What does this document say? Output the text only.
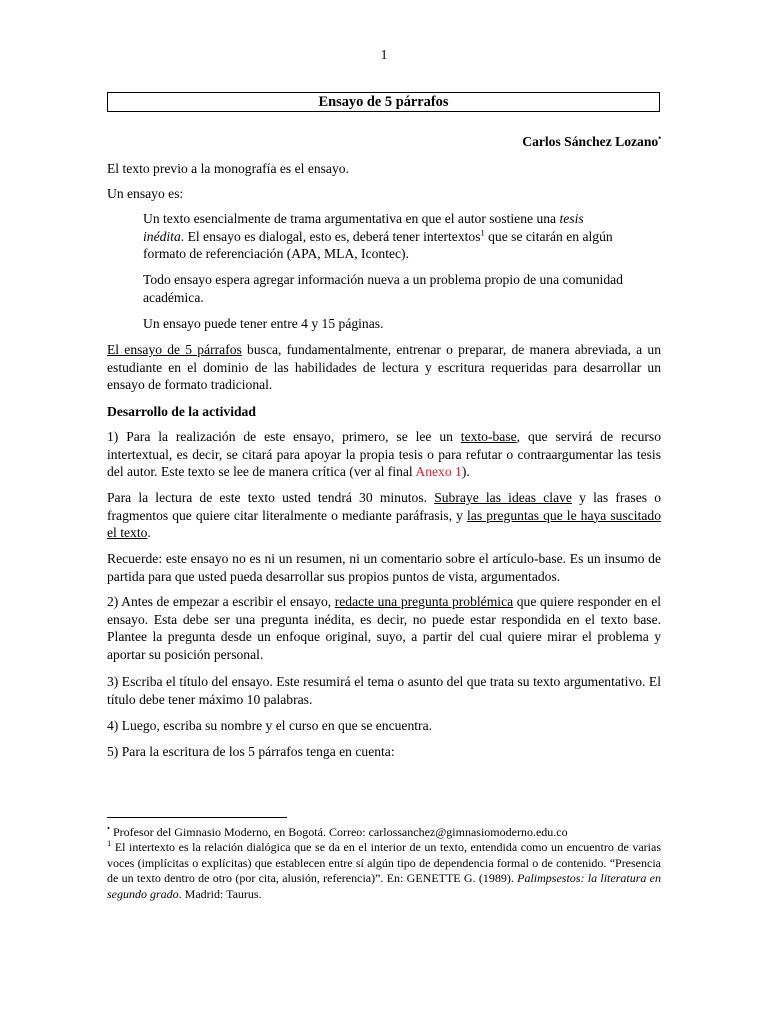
1
Ensayo de 5 párrafos
Carlos Sánchez Lozano•

El texto previo a la monografía es el ensayo.

Un ensayo es:

Un texto esencialmente de trama argumentativa en que el autor sostiene una tesis inédita. El ensayo es dialogal, esto es, deberá tener intertextos$^1$ que se citarán en algún formato de referenciación (APA, MLA, Icontec).

Todo ensayo espera agregar información nueva a un problema propio de una comunidad académica.

Un ensayo puede tener entre 4 y 15 páginas.

El ensayo de 5 párrafos busca, fundamentalmente, entrenar o preparar, de manera abreviada, a un estudiante en el dominio de las habilidades de lectura y escritura requeridas para desarrollar un ensayo de formato tradicional.

Desarrollo de la actividad

1) Para la realización de este ensayo, primero, se lee un texto-base, que servirá de recurso intertextual, es decir, se citará para apoyar la propia tesis o para refutar o contraargumentar las tesis del autor. Este texto se lee de manera crítica (ver al final Anexo 1).

Para la lectura de este texto usted tendrá 30 minutos. Subraye las ideas clave y las frases o fragmentos que quiere citar literalmente o mediante paráfrasis, y las preguntas que le haya suscitado el texto.

Recuerde: este ensayo no es ni un resumen, ni un comentario sobre el artículo-base. Es un insumo de partida para que usted pueda desarrollar sus propios puntos de vista, argumentados.

2) Antes de empezar a escribir el ensayo, redacte una pregunta problémica que quiere responder en el ensayo. Esta debe ser una pregunta inédita, es decir, no puede estar respondida en el texto base. Plantee la pregunta desde un enfoque original, suyo, a partir del cual quiere mirar el problema y aportar su posición personal.

3) Escriba el título del ensayo. Este resumirá el tema o asunto del que trata su texto argumentativo. El título debe tener máximo 10 palabras.

4) Luego, escriba su nombre y el curso en que se encuentra.

5) Para la escritura de los 5 párrafos tenga en cuenta:

• Profesor del Gimnasio Moderno, en Bogotá. Correo: carlossanchez@gimnasiomoderno.edu.co

$^1$ El intertexto es la relación dialógica que se da en el interior de un texto, entendida como un encuentro de varias voces (implícitas o explícitas) que establecen entre sí algún tipo de dependencia formal o de contenido. “Presencia de un texto dentro de otro (por cita, alusión, referencia)”. En: GENETTE G. (1989). Palimpsestos: la literatura en segundo grado. Madrid: Taurus.
